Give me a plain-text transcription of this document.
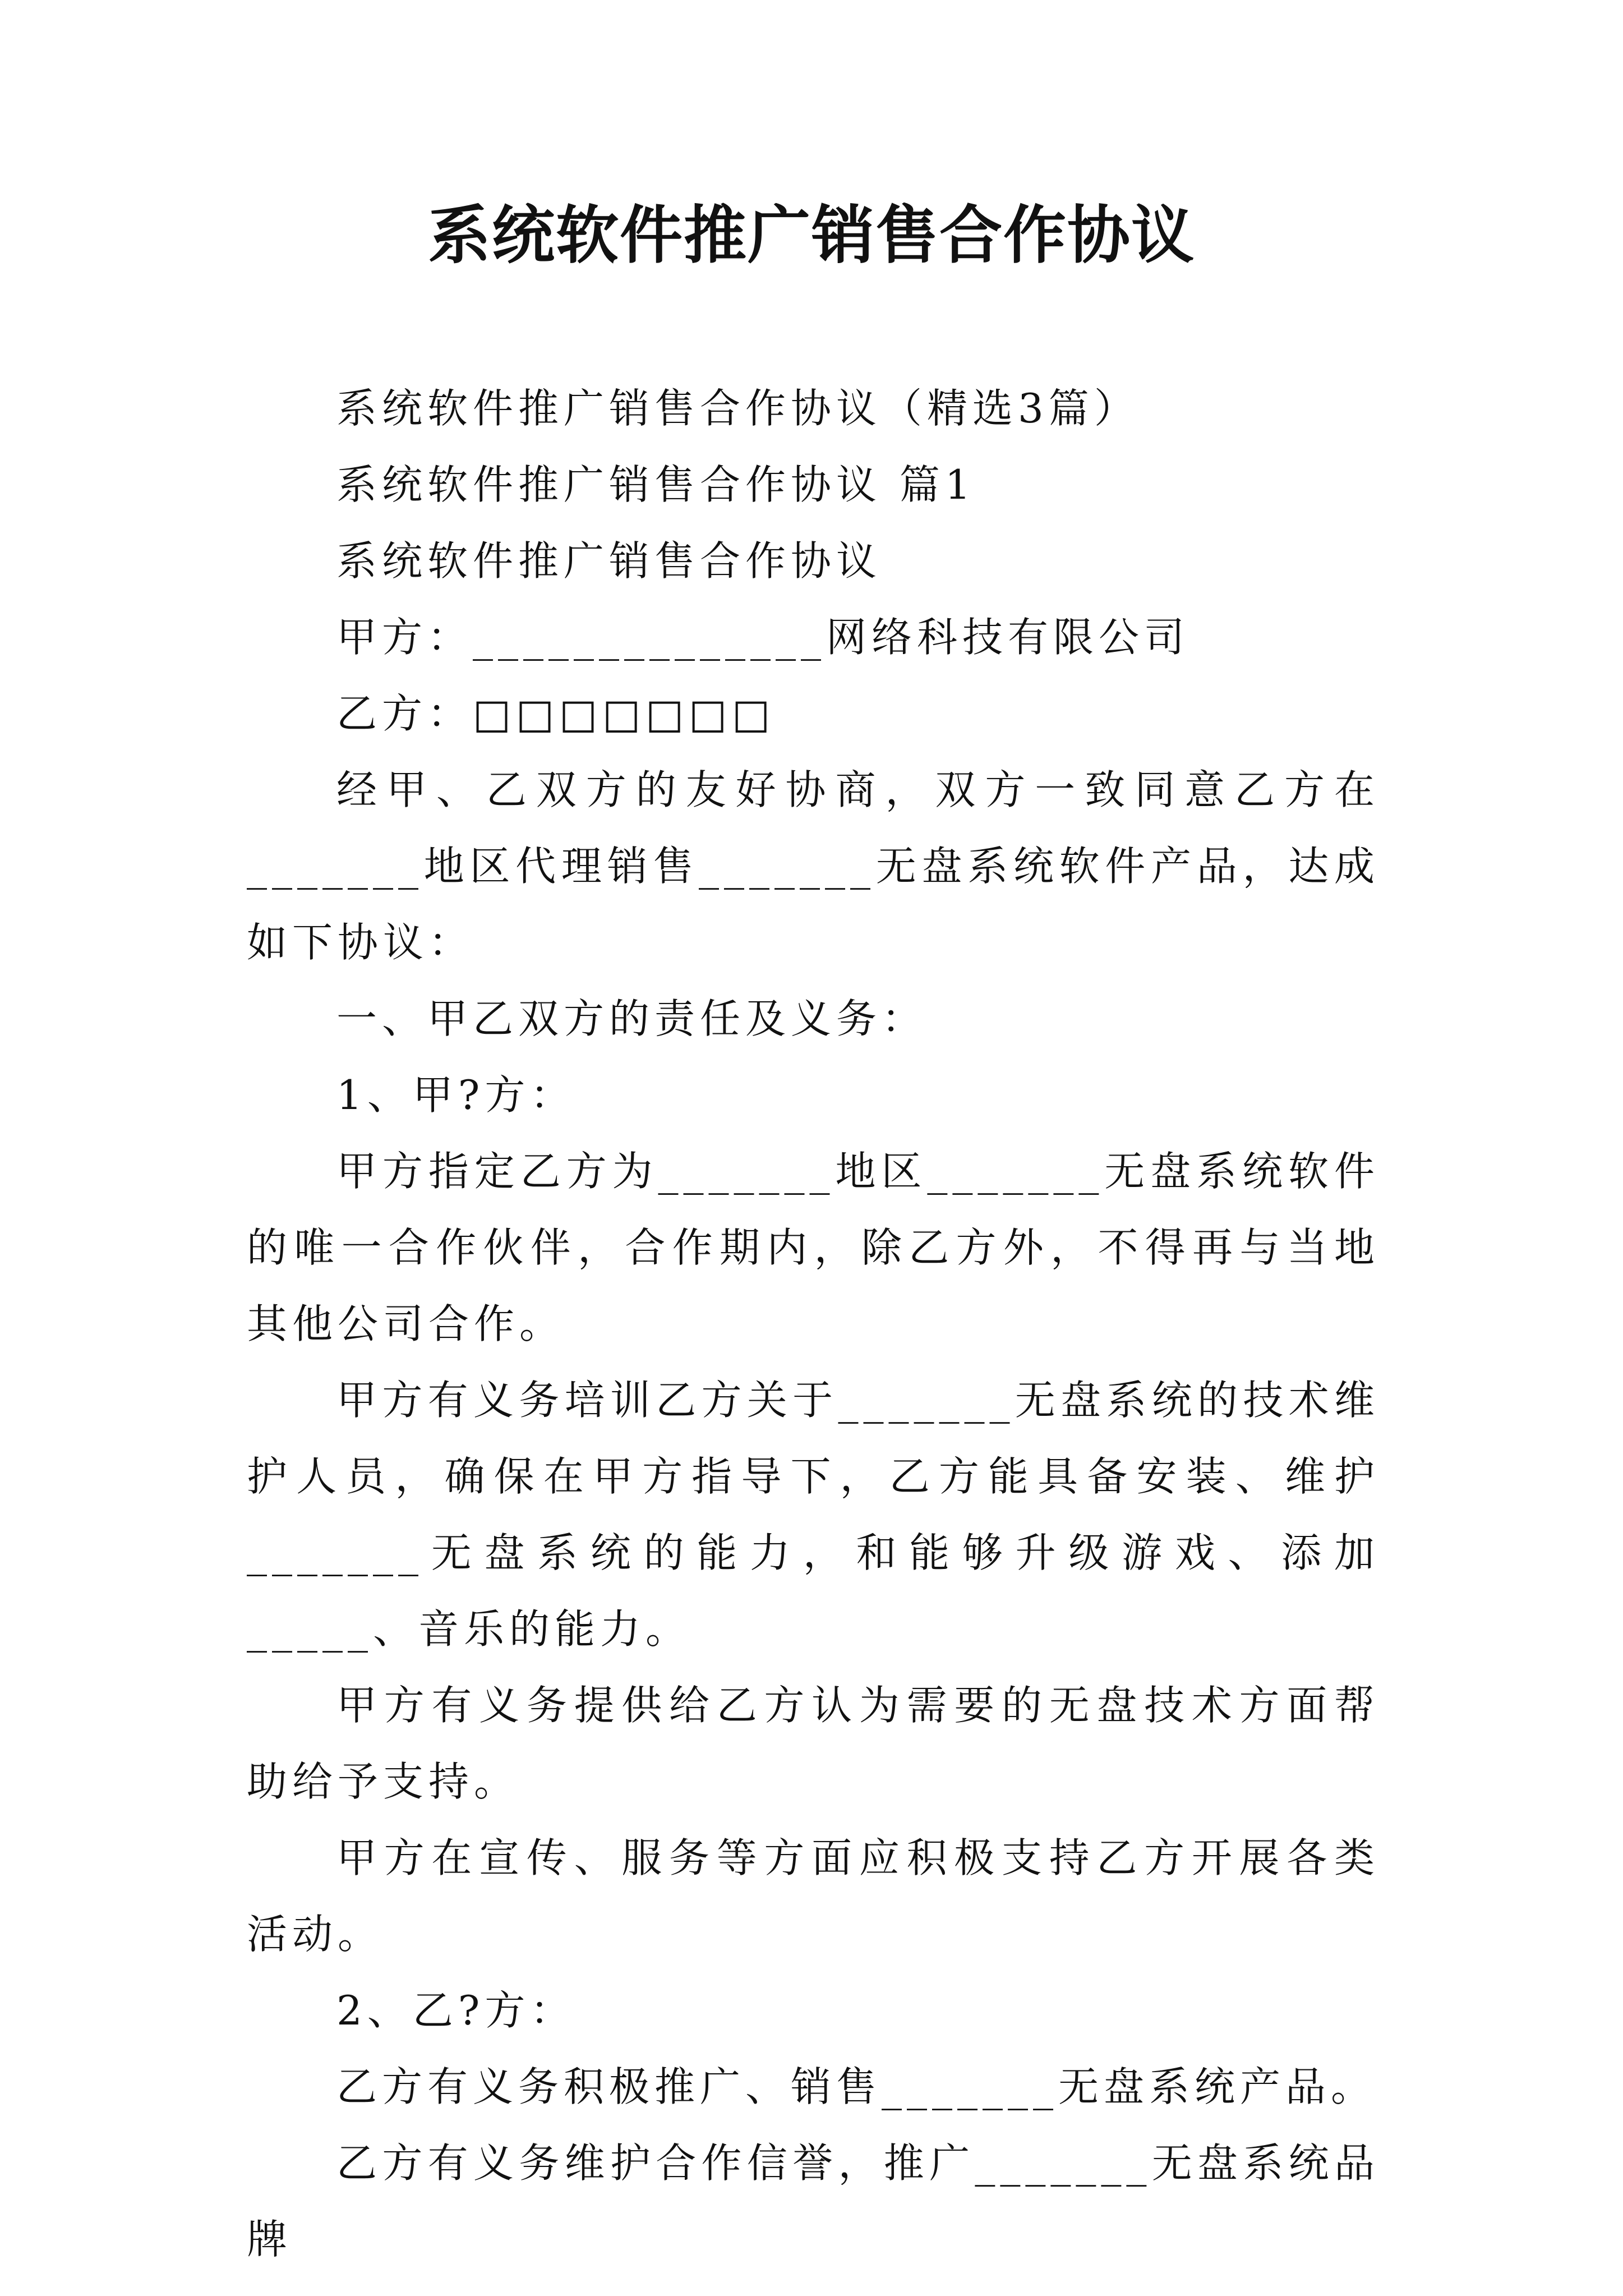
系统软件推广销售合作协议

系统软件推广销售合作协议（精选3篇）

系统软件推广销售合作协议 篇1

系统软件推广销售合作协议

甲方：______________网络科技有限公司

乙方：□□□□□□□

经甲、乙双方的友好协商，双方一致同意乙方在_______地区代理销售_______无盘系统软件产品，达成如下协议：

一、甲乙双方的责任及义务：

1、甲?方：

甲方指定乙方为_______地区_______无盘系统软件的唯一合作伙伴，合作期内，除乙方外，不得再与当地其他公司合作。

甲方有义务培训乙方关于_______无盘系统的技术维护人员，确保在甲方指导下，乙方能具备安装、维护_______无盘系统的能力，和能够升级游戏、添加_____、音乐的能力。

甲方有义务提供给乙方认为需要的无盘技术方面帮助给予支持。

甲方在宣传、服务等方面应积极支持乙方开展各类活动。

2、乙?方：

乙方有义务积极推广、销售_______无盘系统产品。

乙方有义务维护合作信誉，推广_______无盘系统品牌
